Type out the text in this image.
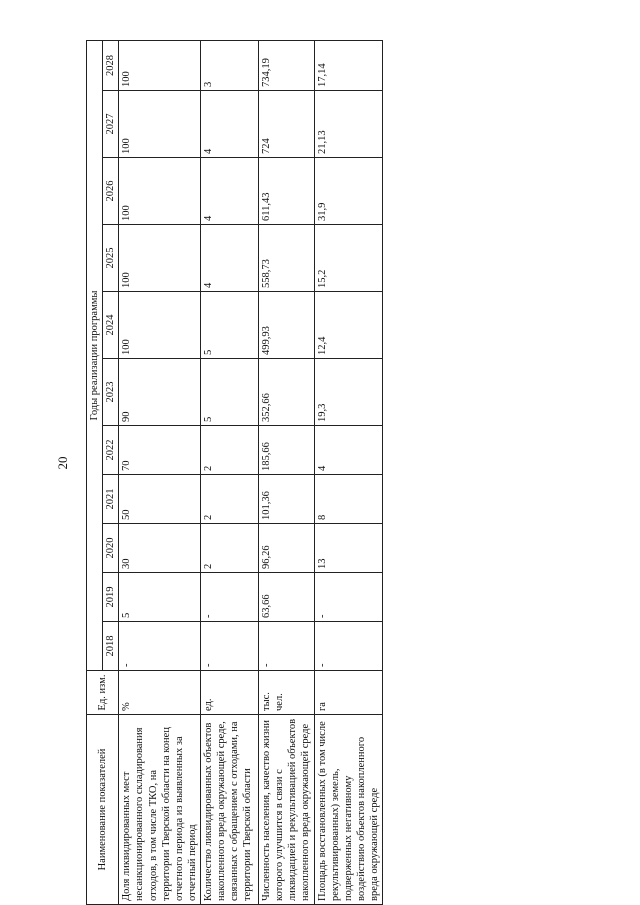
20
Наименование показателей	Ед. изм.	Годы реализации программы										
		2018	2019	2020	2021	2022	2023	2024	2025	2026	2027	2028
Доля ликвидированных мест несанкционированного складирования отходов, в том числе ТКО, на территории Тверской области на конец отчетного периода из выявленных за отчетный период	%	-	5	30	50	70	90	100	100	100	100	100
Количество ликвидированных объектов накопленного вреда окружающей среде, связанных с обращением с отходами, на территории Тверской области	ед.	-	-	2	2	2	5	5	4	4	4	3
Численность населения, качество жизни которого улучшится в связи с ликвидацией и рекультивацией объектов накопленного вреда окружающей среде	тыс. чел.	-	63,66	96,26	101,36	185,66	352,66	499,93	558,73	611,43	724	734,19
Площадь восстановленных (в том числе рекультивированных) земель, подверженных негативному воздействию объектов накопленного вреда окружающей среде	га	-	-	13	8	4	19,3	12,4	15,2	31,9	21,13	17,14
